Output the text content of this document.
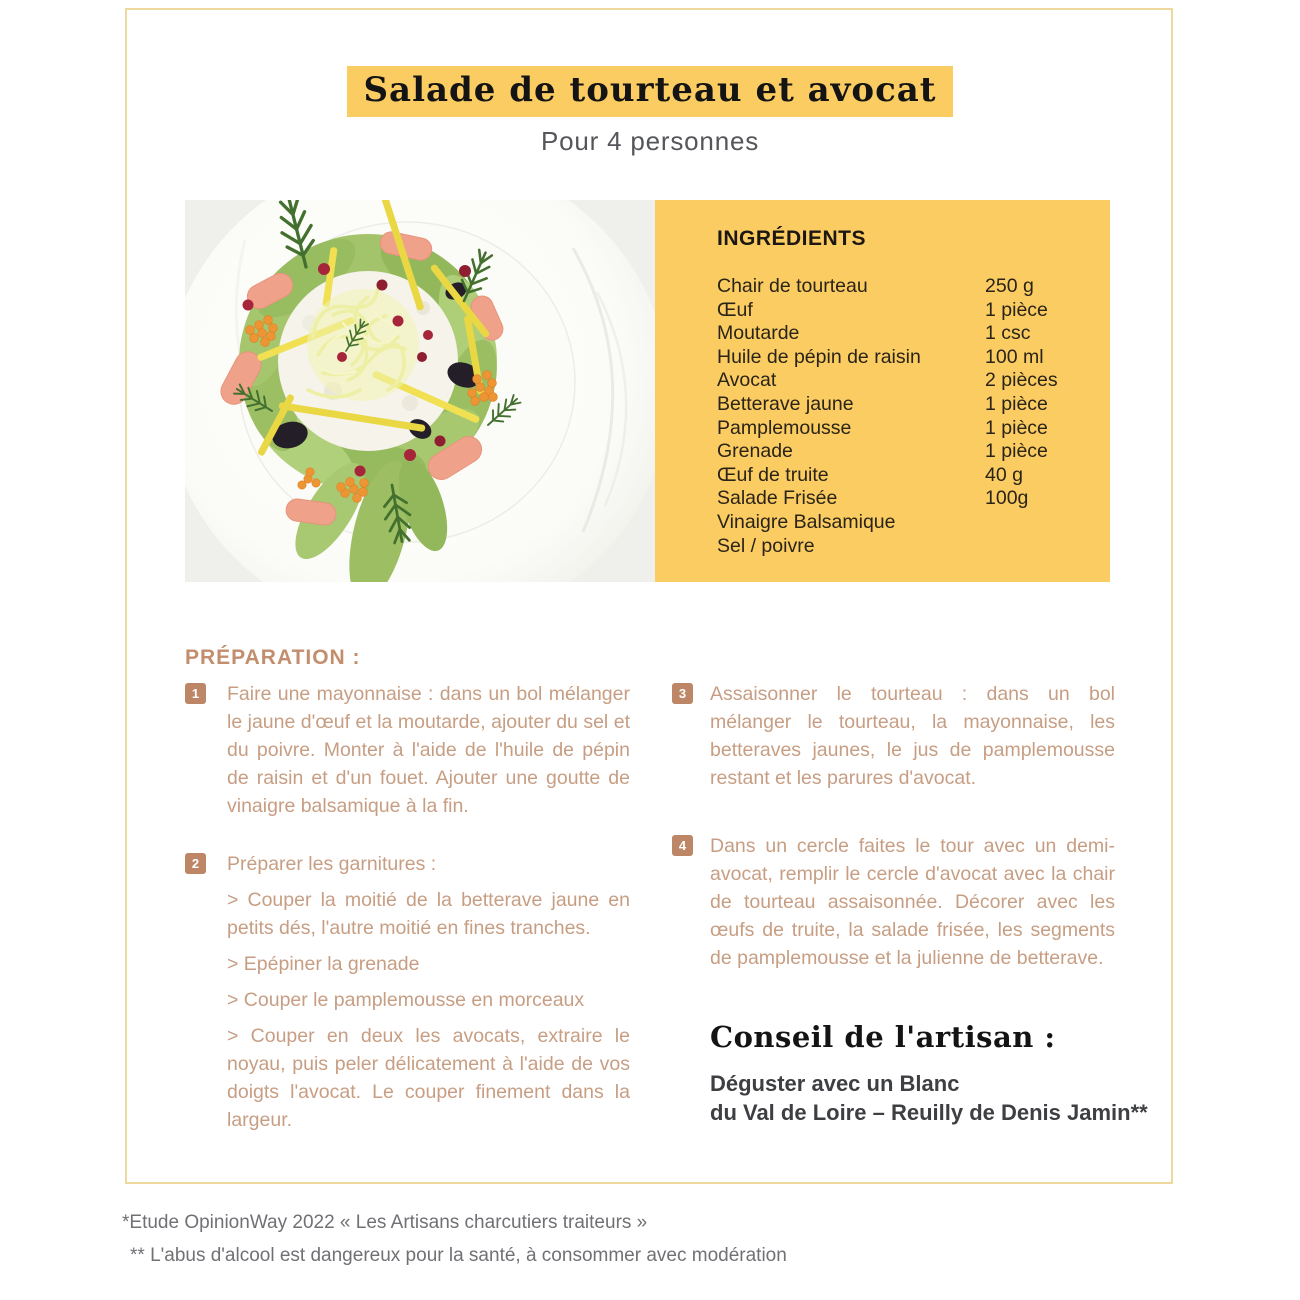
Salade de tourteau et avocat
Pour 4 personnes
INGRÉDIENTS
Chair de tourteau	250 g
Œuf	1 pièce
Moutarde	1 csc
Huile de pépin de raisin	100 ml
Avocat	2 pièces
Betterave jaune	1 pièce
Pamplemousse	1 pièce
Grenade	1 pièce
Œuf de truite	40 g
Salade Frisée	100g
Vinaigre Balsamique
Sel / poivre
PRÉPARATION :
1	Faire une mayonnaise : dans un bol mélanger le jaune d'œuf et la moutarde, ajouter du sel et du poivre. Monter à l'aide de l'huile de pépin de raisin et d'un fouet. Ajouter une goutte de vinaigre balsamique à la fin.

2	Préparer les garnitures :

> Couper la moitié de la betterave jaune en petits dés, l'autre moitié en fines tranches.

> Epépiner la grenade

> Couper le pamplemousse en morceaux

> Couper en deux les avocats, extraire le noyau, puis peler délicatement à l'aide de vos doigts l'avocat. Le couper finement dans la largeur.

3	Assaisonner le tourteau : dans un bol mélanger le tourteau, la mayonnaise, les betteraves jaunes, le jus de pamplemousse restant et les parures d'avocat.

4	Dans un cercle faites le tour avec un demi-avocat, remplir le cercle d'avocat avec la chair de tourteau assaisonnée. Décorer avec les œufs de truite, la salade frisée, les segments de pamplemousse et la julienne de betterave.

Conseil de l'artisan :
Déguster avec un Blanc
du Val de Loire – Reuilly de Denis Jamin**
*Etude OpinionWay 2022 « Les Artisans charcutiers traiteurs »
** L'abus d'alcool est dangereux pour la santé, à consommer avec modération
